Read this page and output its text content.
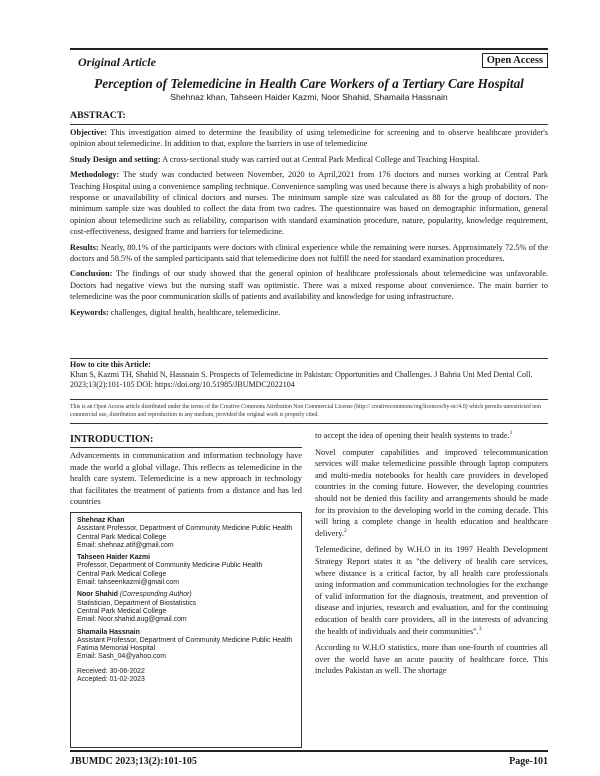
Original Article	Open Access
Perception of Telemedicine in Health Care Workers of a Tertiary Care Hospital
Shehnaz khan, Tahseen Haider Kazmi, Noor Shahid, Shamaila Hassnain
ABSTRACT:

Objective: This investigation aimed to determine the feasibility of using telemedicine for screening and to observe healthcare provider's opinion about telemedicine. In addition to that, explore the barriers in use of telemedicine

Study Design and setting: A cross-sectional study was carried out at Central Park Medical College and Teaching Hospital.

Methodology: The study was conducted between November, 2020 to April,2021 from 176 doctors and nurses working at Central Park Teaching Hospital using a convenience sampling technique. Convenience sampling was used because there is always a high probability of non-response or unavailability of clinical doctors and nurses. The minimum sample size was calculated as 88 for the group of doctors. The minimum sample size was doubled to collect the data from two cadres. The questionnaire was based on demographic information, general opinion about telemedicine such as reliability, comparison with standard examination procedure, nature, popularity, knowledge requirement, cost-effectiveness, designed frame and barriers for telemedicine.

Results: Nearly, 80.1% of the participants were doctors with clinical experience while the remaining were nurses. Approximately 72.5% of the doctors and 58.5% of the sampled participants said that telemedicine does not fulfill the need for standard examination procedures.

Conclusion: The findings of our study showed that the general opinion of healthcare professionals about telemedicine was unfavorable. Doctors had negative views but the nursing staff was optimistic. There was a mixed response about convenience. The main barrier to telemedicine was the poor communication skills of patients and availability and knowledge for using infrastructure.

Keywords: challenges, digital health, healthcare, telemedicine.

How to cite this Article:
Khan S, Kazmi TH, Shahid N, Hassnain S. Prospects of Telemedicine in Pakistan: Opportunities and Challenges. J Bahria Uni Med Dental Coll. 2023;13(2):101-105 DOI: https://doi.org/10.51985/JBUMDC2022104
This is an Open Access article distributed under the terms of the Creative Commons Attribution Non Commercial License (http:// creativecommons/org/licences/by-nc/4.0) which permits unrestricted non commercial use, distribution and reproduction in any medium, provided the original work is properly cited.
INTRODUCTION:

Advancements in communication and information technology have made the world a global village. This reflects as telemedicine in the health care system. Telemedicine is a new approach in technology that facilitates the treatment of patients from a distance and has led countries

Shehnaz Khan
Assistant Professor, Department of Community Medicine Public Health
Central Park Medical College
Email: shehnaz.atif@gmail.com
Tahseen Haider Kazmi
Professor, Department of Community Medicine Public Health
Central Park Medical College
Email: tahseenkazmi@gmail.com
Noor Shahid (Corresponding Author)
Statistician, Department of Biostatistics
Central Park Medical College
Email: Noor.shahid.aug@gmail.com
Shamaila Hassnain
Assistant Professor, Department of Community Medicine Public Health
Fatima Memorial Hospital
Email: Sash_04@yahoo.com
Received: 30-06-2022
Accepted: 01-02-2023

to accept the idea of opening their health systems to trade.$^1$

Novel computer capabilities and improved telecommunication services will make telemedicine possible through laptop computers and multi-media notebooks for health care providers in developed countries in the coming future. However, the developing countries should not be denied this facility and arrangements should be made for its provision to the developing world in the coming decade. This will bring a complete change in health education and healthcare delivery.$^2$

Telemedicine, defined by W.H.O in its 1997 Health Development Strategy Report states it as "the delivery of health care services, where distance is a critical factor, by all health care professionals using information and communication technologies for the exchange of valid information for the diagnosis, treatment, and prevention of disease and injuries, research and evaluation, and for the continuing education of health care providers, all in the interests of advancing the health of individuals and their communities".$^3$

According to W.H.O statistics, more than one-fourth of countries all over the world have an acute paucity of healthcare force. This includes Pakistan as well. The shortage

JBUMDC 2023;13(2):101-105	Page-101
